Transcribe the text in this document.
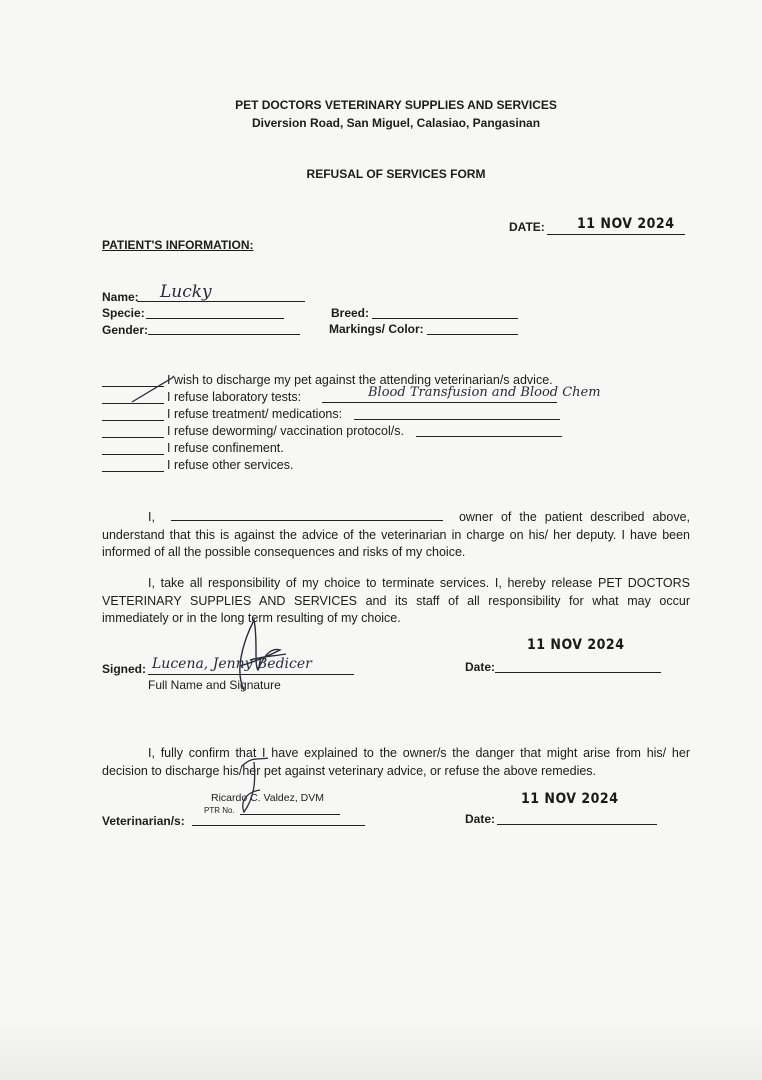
PET DOCTORS VETERINARY SUPPLIES AND SERVICES
Diversion Road, San Miguel, Calasiao, Pangasinan
REFUSAL OF SERVICES FORM
DATE: 11 NOV 2024
PATIENT'S INFORMATION:
Name: Lucky
Specie:
Gender:
Breed:
Markings/ Color:
I wish to discharge my pet against the attending veterinarian/s advice.
I refuse laboratory tests:	Blood Transfusion and Blood Chem
I refuse treatment/ medications:
I refuse deworming/ vaccination protocol/s.
I refuse confinement.
I refuse other services.
I,	owner of the patient described above, understand that this is against the advice of the veterinarian in charge on his/ her deputy. I have been informed of all the possible consequences and risks of my choice.
I, take all responsibility of my choice to terminate services. I, hereby release PET DOCTORS VETERINARY SUPPLIES AND SERVICES and its staff of all responsibility for what may occur immediately or in the long term resulting of my choice.
Signed: Lucena, Jenny Bedicer
Full Name and Signature
11 NOV 2024
Date:
I, fully confirm that I have explained to the owner/s the danger that might arise from his/ her decision to discharge his/her pet against veterinary advice, or refuse the above remedies.
Ricardo C. Valdez, DVM
PTR No.
Veterinarian/s:
11 NOV 2024
Date:
